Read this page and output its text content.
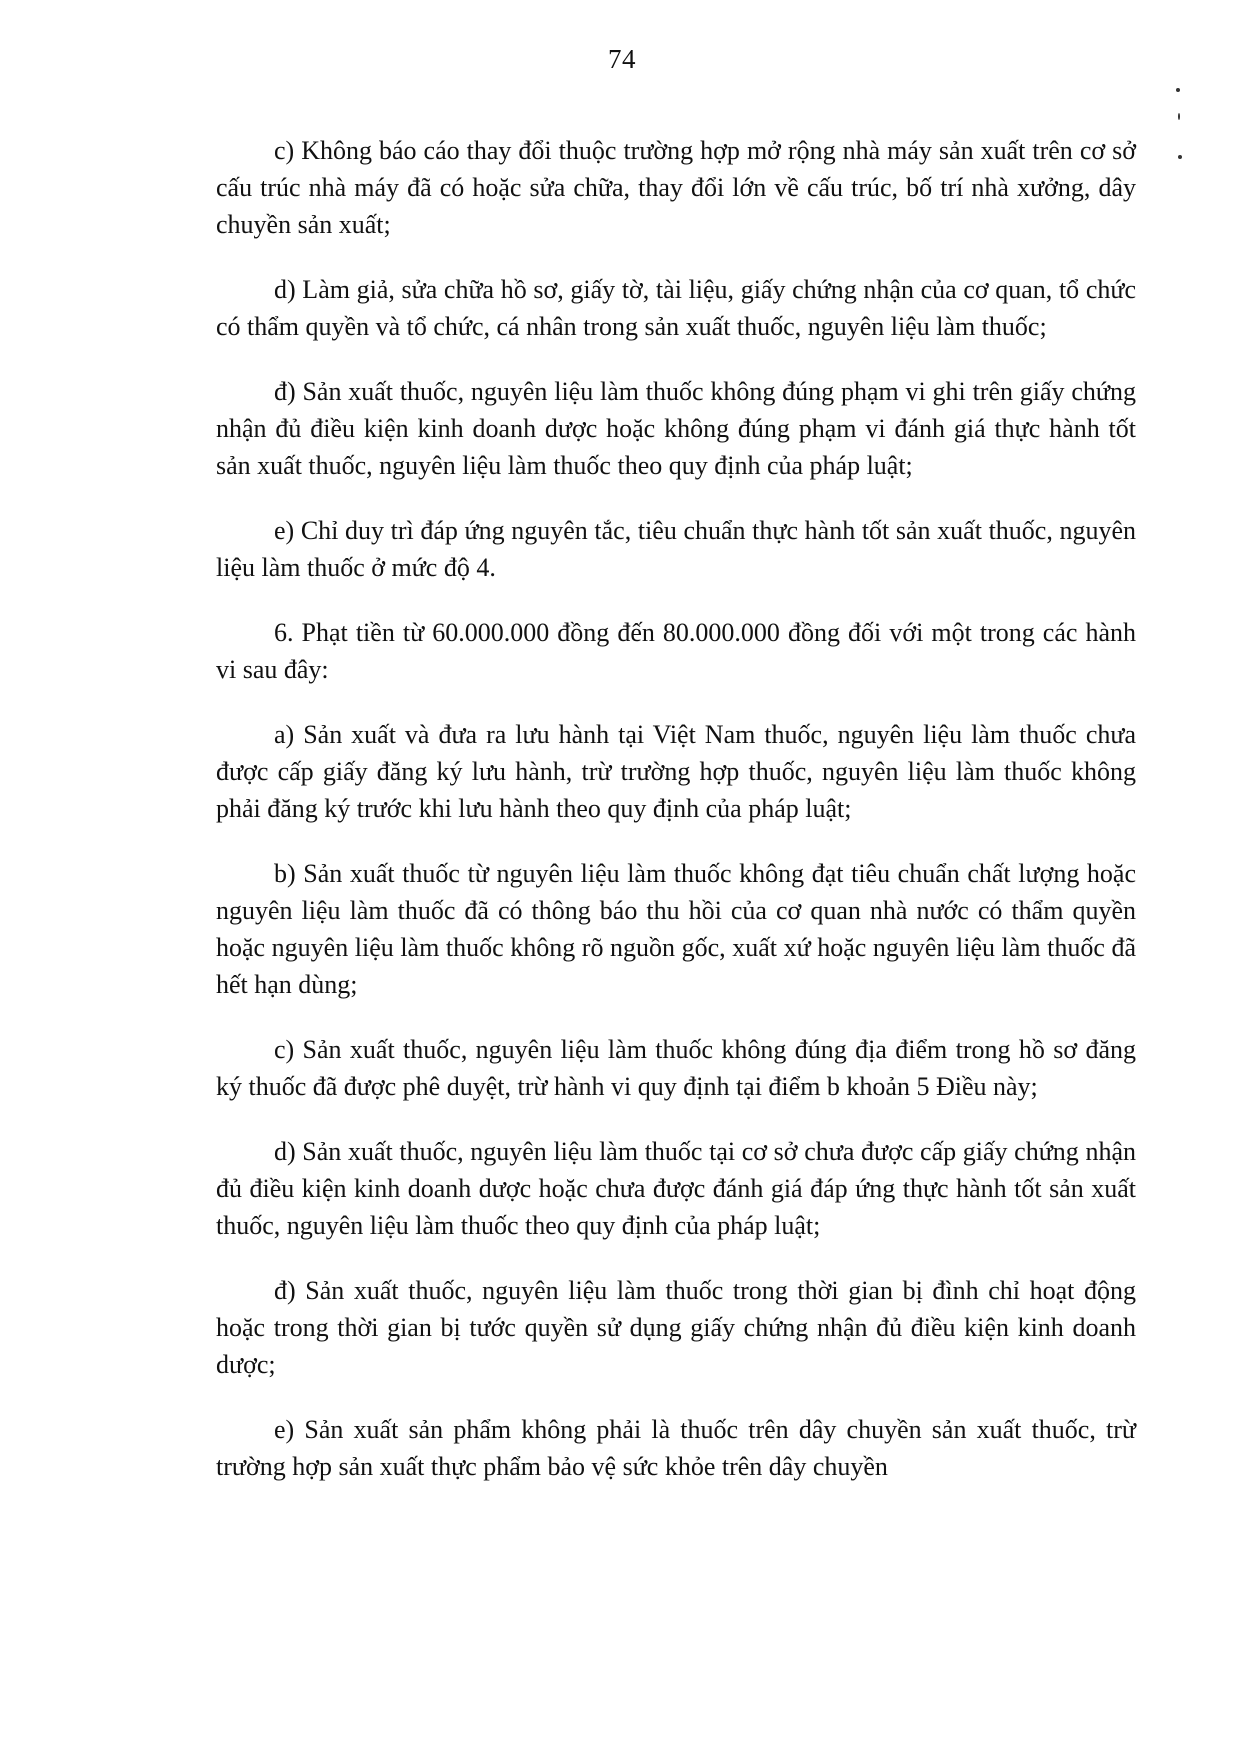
74

c) Không báo cáo thay đổi thuộc trường hợp mở rộng nhà máy sản xuất trên cơ sở cấu trúc nhà máy đã có hoặc sửa chữa, thay đổi lớn về cấu trúc, bố trí nhà xưởng, dây chuyền sản xuất;

d) Làm giả, sửa chữa hồ sơ, giấy tờ, tài liệu, giấy chứng nhận của cơ quan, tổ chức có thẩm quyền và tổ chức, cá nhân trong sản xuất thuốc, nguyên liệu làm thuốc;

đ) Sản xuất thuốc, nguyên liệu làm thuốc không đúng phạm vi ghi trên giấy chứng nhận đủ điều kiện kinh doanh dược hoặc không đúng phạm vi đánh giá thực hành tốt sản xuất thuốc, nguyên liệu làm thuốc theo quy định của pháp luật;

e) Chỉ duy trì đáp ứng nguyên tắc, tiêu chuẩn thực hành tốt sản xuất thuốc, nguyên liệu làm thuốc ở mức độ 4.

6. Phạt tiền từ 60.000.000 đồng đến 80.000.000 đồng đối với một trong các hành vi sau đây:

a) Sản xuất và đưa ra lưu hành tại Việt Nam thuốc, nguyên liệu làm thuốc chưa được cấp giấy đăng ký lưu hành, trừ trường hợp thuốc, nguyên liệu làm thuốc không phải đăng ký trước khi lưu hành theo quy định của pháp luật;

b) Sản xuất thuốc từ nguyên liệu làm thuốc không đạt tiêu chuẩn chất lượng hoặc nguyên liệu làm thuốc đã có thông báo thu hồi của cơ quan nhà nước có thẩm quyền hoặc nguyên liệu làm thuốc không rõ nguồn gốc, xuất xứ hoặc nguyên liệu làm thuốc đã hết hạn dùng;

c) Sản xuất thuốc, nguyên liệu làm thuốc không đúng địa điểm trong hồ sơ đăng ký thuốc đã được phê duyệt, trừ hành vi quy định tại điểm b khoản 5 Điều này;

d) Sản xuất thuốc, nguyên liệu làm thuốc tại cơ sở chưa được cấp giấy chứng nhận đủ điều kiện kinh doanh dược hoặc chưa được đánh giá đáp ứng thực hành tốt sản xuất thuốc, nguyên liệu làm thuốc theo quy định của pháp luật;

đ) Sản xuất thuốc, nguyên liệu làm thuốc trong thời gian bị đình chỉ hoạt động hoặc trong thời gian bị tước quyền sử dụng giấy chứng nhận đủ điều kiện kinh doanh dược;

e) Sản xuất sản phẩm không phải là thuốc trên dây chuyền sản xuất thuốc, trừ trường hợp sản xuất thực phẩm bảo vệ sức khỏe trên dây chuyền
